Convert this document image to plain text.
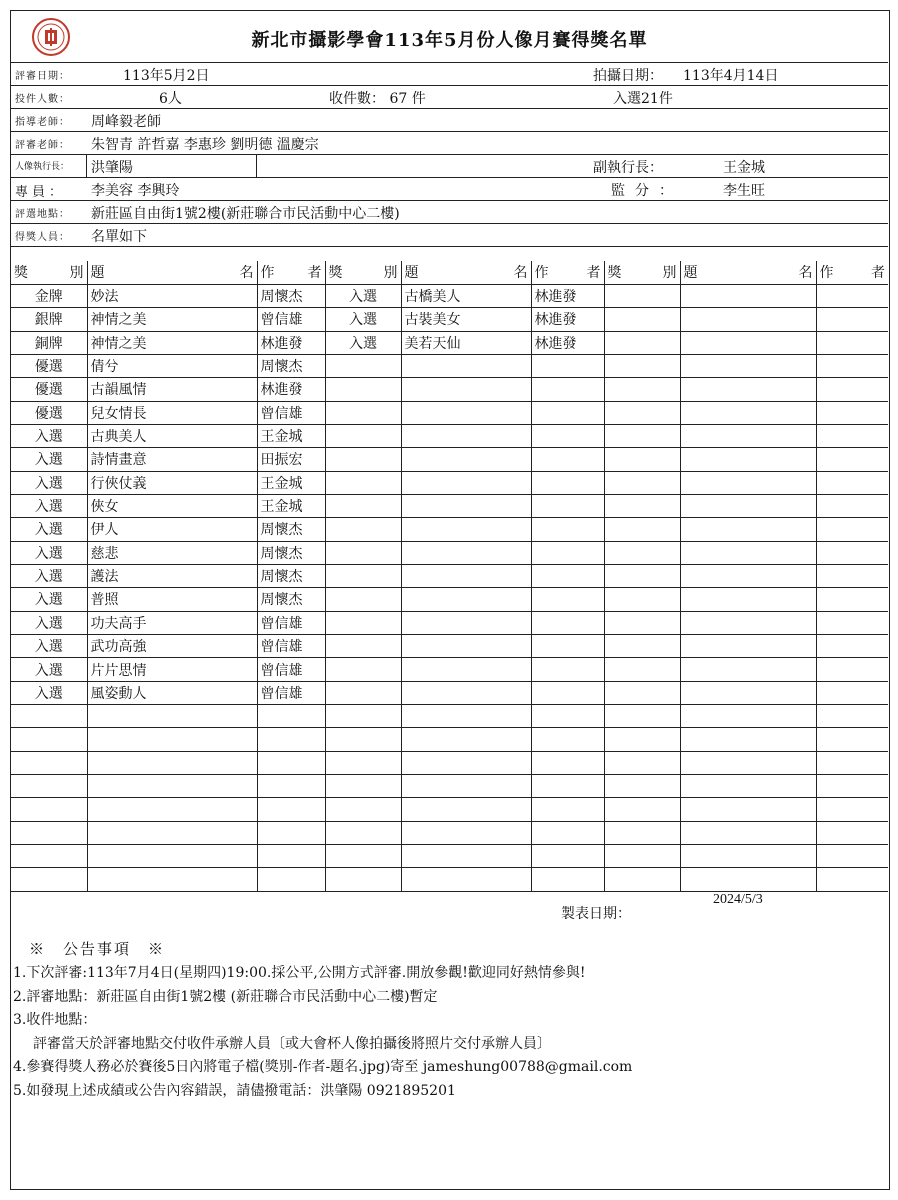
新北市攝影學會113年5月份人像月賽得獎名單
評審日期：	113年5月2日	拍攝日期： 113年4月14日
投件人數：	6人	收件數： 67 件	入選21件
指導老師： 周峰毅老師
評審老師： 朱智青 許哲嘉 李惠珍 劉明德 溫慶宗
人像執行長： 洪肇陽	副執行長：	王金城
專員： 李美容 李興玲	監分：	李生旺
評選地點： 新莊區自由街1號2樓(新莊聯合市民活動中心二樓)
得獎人員： 名單如下
獎 別	題 名	作 者	獎 別	題 名	作 者	獎 別	題 名	作 者

金牌	妙法	周懷杰	入選	古橋美人	林進發			
銀牌	神情之美	曾信雄	入選	古裝美女	林進發			
銅牌	神情之美	林進發	入選	美若天仙	林進發			
優選	倩兮	周懷杰						
優選	古韻風情	林進發						
優選	兒女情長	曾信雄						
入選	古典美人	王金城						
入選	詩情畫意	田振宏						
入選	行俠仗義	王金城						
入選	俠女	王金城						
入選	伊人	周懷杰						
入選	慈悲	周懷杰						
入選	護法	周懷杰						
入選	普照	周懷杰						
入選	功夫高手	曾信雄						
入選	武功高強	曾信雄						
入選	片片思情	曾信雄						
入選	風姿動人	曾信雄						

製表日期：
2024/5/3
※　公告事項　※
1.下次評審:113年7月4日(星期四)19:00.採公平,公開方式評審.開放參觀!歡迎同好熱情參與!
2.評審地點：新莊區自由街1號2樓 (新莊聯合市民活動中心二樓)暫定
3.收件地點：
評審當天於評審地點交付收件承辦人員〔或大會杯人像拍攝後將照片交付承辦人員〕
4.參賽得獎人務必於賽後5日內將電子檔(獎別-作者-題名.jpg)寄至 jameshung00788@gmail.com
5.如發現上述成績或公告內容錯誤，請儘撥電話：洪肇陽 0921895201
